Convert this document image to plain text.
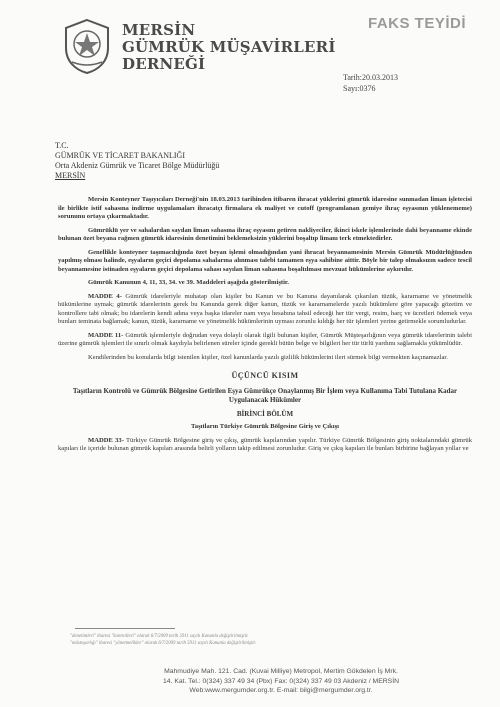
MERSİN
GÜMRÜK MÜŞAVİRLERİ
DERNEĞİ
FAKS TEYİDİ
Tarih:20.03.2013
Sayı:0376
T.C.
GÜMRÜK VE TİCARET BAKANLIĞI
Orta Akdeniz Gümrük ve Ticaret Bölge Müdürlüğü
MERSİN

Mersin Konteyner Taşıyıcıları Derneği'nin 18.03.2013 tarihinden itibaren ihracat yüklerini gümrük idaresine sunmadan liman işletecisi ile birlikte istif sahasına indirme uygulamaları ihracatçı firmalara ek maliyet ve cutoff (programlanan gemiye ihraç eşyasının yüklenememe) sorununu ortaya çıkarmaktadır.

Gümrüklü yer ve sahalardan sayılan liman sahasına ihraç eşyasını getiren nakliyeciler, ikinci iskele işlemlerinde dahi beyanname ekinde bulunan özet beyana rağmen gümrük idaresinin denetimini beklemeksizin yüklerini boşaltıp limanı terk etmektedirler.

Genellikle konteyner taşımacılığında özet beyan işlemi olmadığından yani ihracat beyannamesinin Mersin Gümrük Müdürlüğünden yapılmış olması halinde, eşyaların geçici depolama sahalarına alınması talebi tamamen eşya sahibine aittir. Böyle bir talep olmaksızın sadece tescil beyannamesine istinaden eşyaların geçici depolama sahası sayılan liman sahasına boşaltılması mevzuat hükümlerine aykırıdır.

Gümrük Kanunun 4, 11, 33, 34. ve 39. Maddeleri aşağıda gösterilmiştir.

MADDE 4- Gümrük idareleriyle muhatap olan kişiler bu Kanun ve bu Kanuna dayanılarak çıkarılan tüzük, kararname ve yönetmelik hükümlerine uymak; gümrük idarelerinin gerek bu Kanunda gerek diğer kanun, tüzük ve kararnamelerde yazılı hükümlere göre yapacağı gözetim ve kontrollere tabi olmak; bu idarelerin kendi adına veya başka idareler nam veya hesabına tahsil edeceği her tür vergi, resim, harç ve ücretleri ödemek veya bunları teminata bağlamak; kanun, tüzük, kararname ve yönetmelik hükümlerinin uyması zorunlu kıldığı her tür işlemleri yerine getirmekle sorumludurlar.

MADDE 11- Gümrük işlemleriyle doğrudan veya dolaylı olarak ilgili bulunan kişiler, Gümrük Müşteşarlığının veya gümrük idarelerinin talebi üzerine gümrük işlemleri ile sınırlı olmak kaydıyla belirlenen süreler içinde gerekli bütün belge ve bilgileri her tür türlü yardımı sağlamakla yükümlüdür.

Kendilerinden bu konularda bilgi istenilen kişiler, özel kanunlarda yazılı gizlilik hükümlerini ileri sürmek bilgi vermekten kaçınamazlar.

ÜÇÜNCÜ KISIM

Taşıtların Kontrolü ve Gümrük Bölgesine Getirilen Eşya Gümrükçe Onaylanmış Bir İşlem veya Kullanıma Tabi Tutulana Kadar Uygulanacak Hükümler

BİRİNCİ BÖLÜM

Taşıtların Türkiye Gümrük Bölgesine Giriş ve Çıkışı

MADDE 33- Türkiye Gümrük Bölgesine giriş ve çıkış, gümrük kapılarından yapılır. Türkiye Gümrük Bölgesinin giriş noktalarındaki gümrük kapıları ile içeride bulunan gümrük kapıları arasında belirli yolların takip edilmesi zorunludur. Giriş ve çıkış kapıları ile bunları birbirine bağlayan yollar ve

"denetimleri" ibaresi "kontrolleri" olarak 6/7/2009 tarih 5911 sayılı Kanunla değiştirilmiştir.
"müsteşarlığı" ibaresi "yönetmelikler" olarak 6/7/2009 tarih 5911 sayılı Kanunla değiştirilmiştir.
Mahmudiye Mah. 121. Cad. (Kuvai Milliye) Metropol, Mertim Gökdelen İş Mrk.
14. Kat. Tel.: 0(324) 337 49 34 (Pbx) Fax: 0(324) 337 49 03 Akdeniz / MERSİN
Web:www.mergumder.org.tr. E-mail: bilgi@mergumder.org.tr.
